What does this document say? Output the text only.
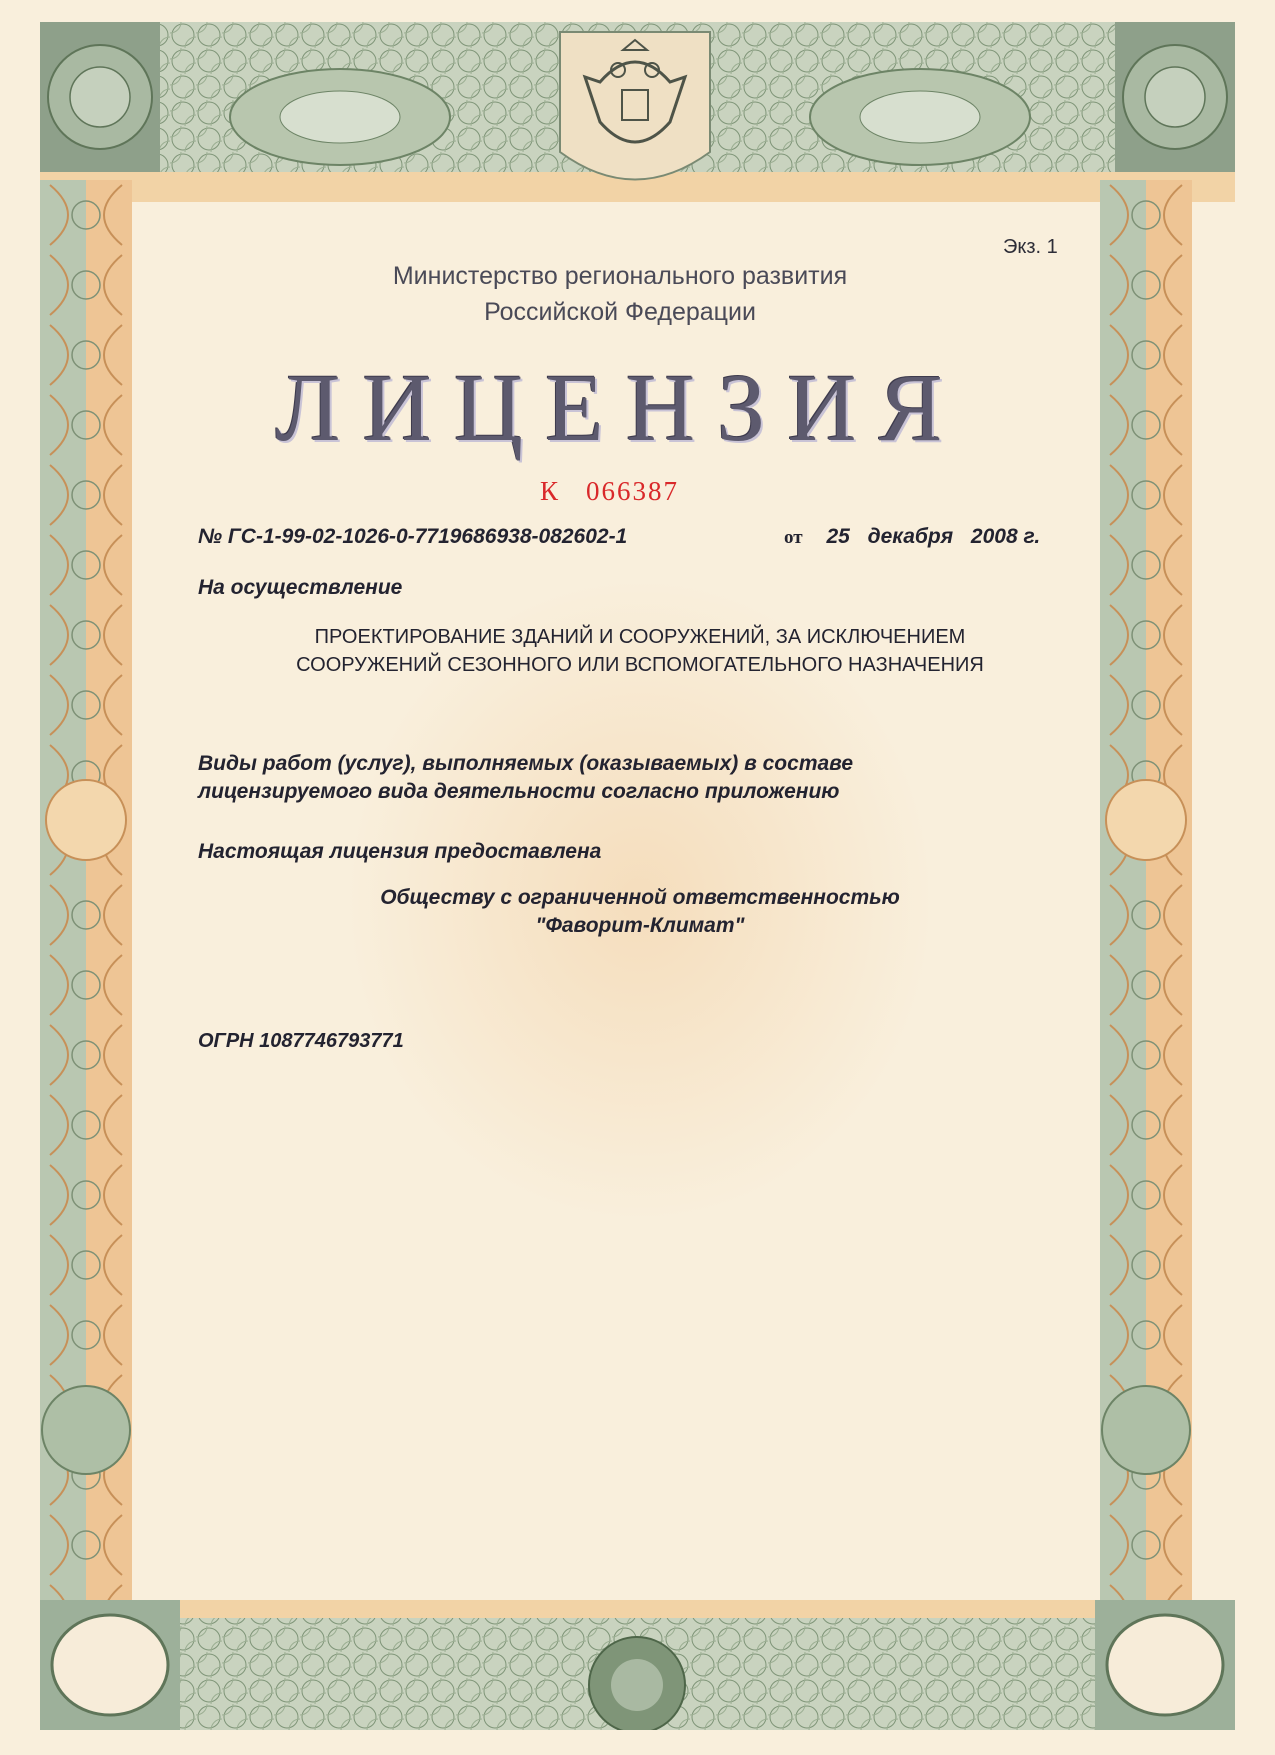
Экз. 1
Министерство регионального развития
Российской Федерации
ЛИЦЕНЗИЯ
К 066387
№ ГС-1-99-02-1026-0-7719686938-082602-1	от 25 декабря 2008 г.
На осуществление
ПРОЕКТИРОВАНИЕ ЗДАНИЙ И СООРУЖЕНИЙ, ЗА ИСКЛЮЧЕНИЕМ
СООРУЖЕНИЙ СЕЗОННОГО ИЛИ ВСПОМОГАТЕЛЬНОГО НАЗНАЧЕНИЯ
Виды работ (услуг), выполняемых (оказываемых) в составе
лицензируемого вида деятельности согласно приложению
Настоящая лицензия предоставлена
Обществу с ограниченной ответственностью
"Фаворит-Климат"
ОГРН 1087746793771
